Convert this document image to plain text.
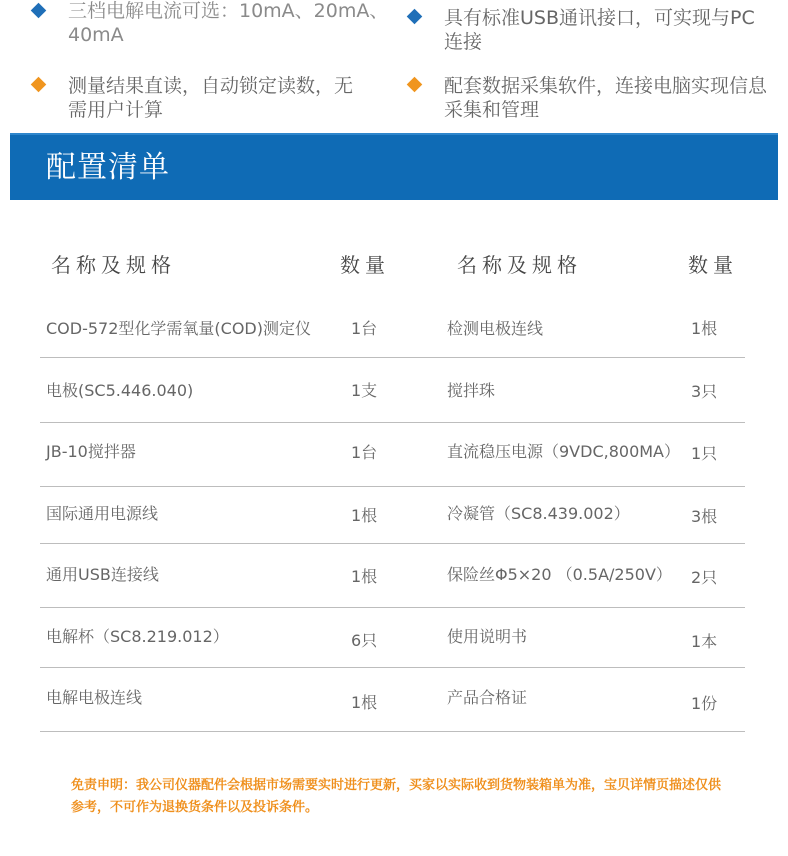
三档电解电流可选：10mA、20mA、40mA
具有标准USB通讯接口，可实现与PC连接
测量结果直读，自动锁定读数，无需用户计算
配套数据采集软件，连接电脑实现信息采集和管理
配置清单
名称及规格	数量	名称及规格	数量
COD-572型化学需氧量(COD)测定仪	1台	检测电极连线	1根
电极(SC5.446.040)	1支	搅拌珠	3只
JB-10搅拌器	1台	直流稳压电源（9VDC,800MA） 1只
国际通用电源线	1根	冷凝管（SC8.439.002）	3根
通用USB连接线	1根	保险丝Φ5×20 （0.5A/250V） 2只
电解杯（SC8.219.012）	6只	使用说明书	1本
电解电极连线	1根	产品合格证	1份
免责申明：我公司仪器配件会根据市场需要实时进行更新，买家以实际收到货物装箱单为准，宝贝详情页描述仅供参考，不可作为退换货条件以及投诉条件。
